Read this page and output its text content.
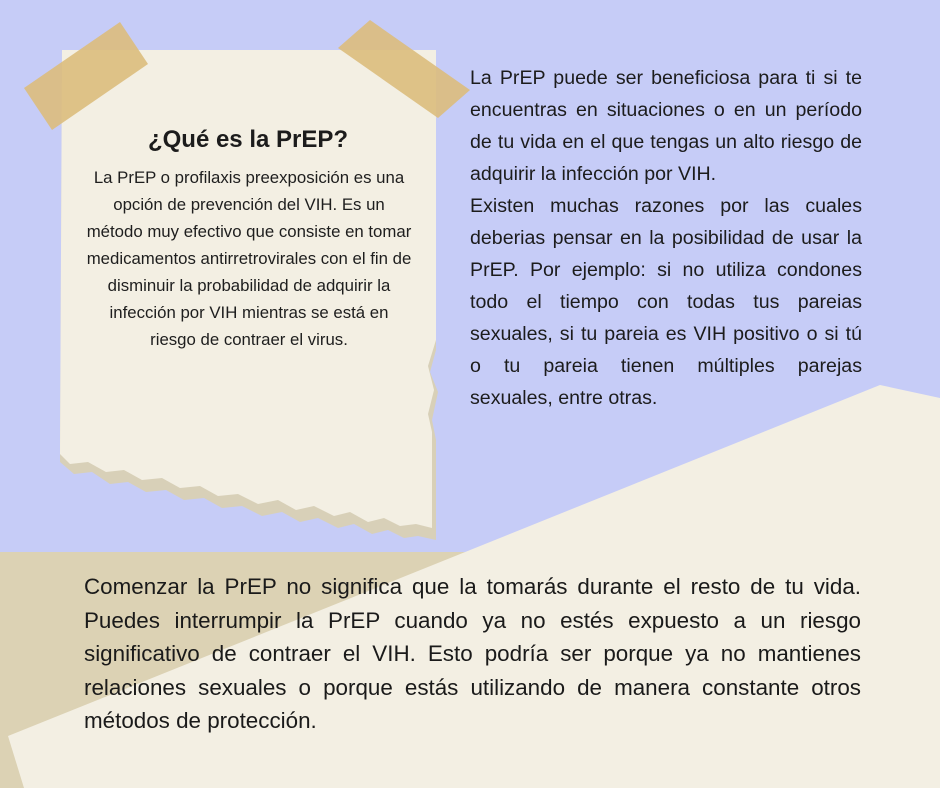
¿Qué es la PrEP?

La PrEP o profilaxis preexposición es una opción de prevención del VIH. Es un método muy efectivo que consiste en tomar medicamentos antirretrovirales con el fin de disminuir la probabilidad de adquirir la infección por VIH mientras se está en riesgo de contraer el virus.

La PrEP puede ser beneficiosa para ti si te encuentras en situaciones o en un período de tu vida en el que tengas un alto riesgo de adquirir la infección por VIH.

Existen muchas razones por las cuales deberias pensar en la posibilidad de usar la PrEP. Por ejemplo: si no utiliza condones todo el tiempo con todas tus pareias sexuales, si tu pareia es VIH positivo o si tú o tu pareia tienen múltiples parejas sexuales, entre otras.

Comenzar la PrEP no significa que la tomarás durante el resto de tu vida. Puedes interrumpir la PrEP cuando ya no estés expuesto a un riesgo significativo de contraer el VIH. Esto podría ser porque ya no mantienes relaciones sexuales o porque estás utilizando de manera constante otros métodos de protección.
